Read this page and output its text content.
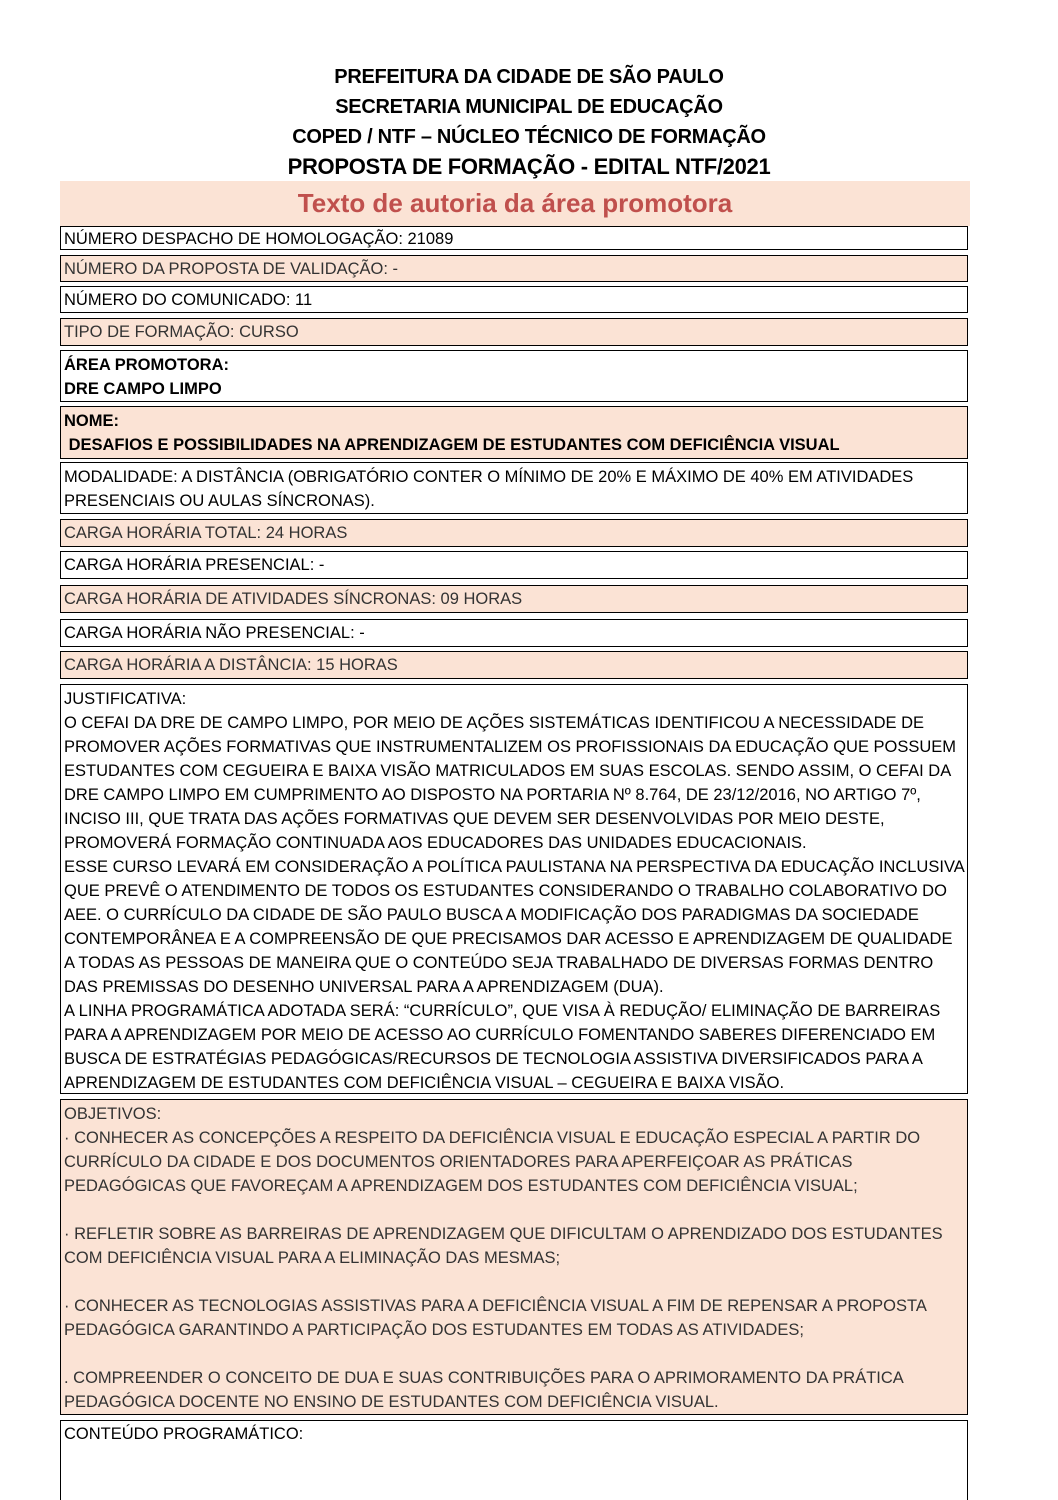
PREFEITURA DA CIDADE DE SÃO PAULO
SECRETARIA MUNICIPAL DE EDUCAÇÃO
COPED / NTF – NÚCLEO TÉCNICO DE FORMAÇÃO
PROPOSTA DE FORMAÇÃO - EDITAL NTF/2021
Texto de autoria da área promotora
NÚMERO DESPACHO DE HOMOLOGAÇÃO: 21089
NÚMERO DA PROPOSTA DE VALIDAÇÃO: -
NÚMERO DO COMUNICADO: 11
TIPO DE FORMAÇÃO: CURSO
ÁREA PROMOTORA:
DRE CAMPO LIMPO
NOME:
DESAFIOS E POSSIBILIDADES NA APRENDIZAGEM DE ESTUDANTES COM DEFICIÊNCIA VISUAL
MODALIDADE: A DISTÂNCIA (OBRIGATÓRIO CONTER O MÍNIMO DE 20% E MÁXIMO DE 40% EM ATIVIDADES PRESENCIAIS OU AULAS SÍNCRONAS).
CARGA HORÁRIA TOTAL: 24 HORAS
CARGA HORÁRIA PRESENCIAL: -
CARGA HORÁRIA DE ATIVIDADES SÍNCRONAS: 09 HORAS
CARGA HORÁRIA NÃO PRESENCIAL: -
CARGA HORÁRIA A DISTÂNCIA: 15 HORAS

JUSTIFICATIVA:

O CEFAI DA DRE DE CAMPO LIMPO, POR MEIO DE AÇÕES SISTEMÁTICAS IDENTIFICOU A NECESSIDADE DE PROMOVER AÇÕES FORMATIVAS QUE INSTRUMENTALIZEM OS PROFISSIONAIS DA EDUCAÇÃO QUE POSSUEM ESTUDANTES COM CEGUEIRA E BAIXA VISÃO MATRICULADOS EM SUAS ESCOLAS. SENDO ASSIM, O CEFAI DA DRE CAMPO LIMPO EM CUMPRIMENTO AO DISPOSTO NA PORTARIA Nº 8.764, DE 23/12/2016, NO ARTIGO 7º, INCISO III, QUE TRATA DAS AÇÕES FORMATIVAS QUE DEVEM SER DESENVOLVIDAS POR MEIO DESTE, PROMOVERÁ FORMAÇÃO CONTINUADA AOS EDUCADORES DAS UNIDADES EDUCACIONAIS.

ESSE CURSO LEVARÁ EM CONSIDERAÇÃO A POLÍTICA PAULISTANA NA PERSPECTIVA DA EDUCAÇÃO INCLUSIVA QUE PREVÊ O ATENDIMENTO DE TODOS OS ESTUDANTES CONSIDERANDO O TRABALHO COLABORATIVO DO AEE. O CURRÍCULO DA CIDADE DE SÃO PAULO BUSCA A MODIFICAÇÃO DOS PARADIGMAS DA SOCIEDADE CONTEMPORÂNEA E A COMPREENSÃO DE QUE PRECISAMOS DAR ACESSO E APRENDIZAGEM DE QUALIDADE A TODAS AS PESSOAS DE MANEIRA QUE O CONTEÚDO SEJA TRABALHADO DE DIVERSAS FORMAS DENTRO DAS PREMISSAS DO DESENHO UNIVERSAL PARA A APRENDIZAGEM (DUA).

A LINHA PROGRAMÁTICA ADOTADA SERÁ: “CURRÍCULO”, QUE VISA À REDUÇÃO/ ELIMINAÇÃO DE BARREIRAS PARA A APRENDIZAGEM POR MEIO DE ACESSO AO CURRÍCULO FOMENTANDO SABERES DIFERENCIADO EM BUSCA DE ESTRATÉGIAS PEDAGÓGICAS/RECURSOS DE TECNOLOGIA ASSISTIVA DIVERSIFICADOS PARA A APRENDIZAGEM DE ESTUDANTES COM DEFICIÊNCIA VISUAL – CEGUEIRA E BAIXA VISÃO.

OBJETIVOS:

· CONHECER AS CONCEPÇÕES A RESPEITO DA DEFICIÊNCIA VISUAL E EDUCAÇÃO ESPECIAL A PARTIR DO CURRÍCULO DA CIDADE E DOS DOCUMENTOS ORIENTADORES PARA APERFEIÇOAR AS PRÁTICAS PEDAGÓGICAS QUE FAVOREÇAM A APRENDIZAGEM DOS ESTUDANTES COM DEFICIÊNCIA VISUAL;

· REFLETIR SOBRE AS BARREIRAS DE APRENDIZAGEM QUE DIFICULTAM O APRENDIZADO DOS ESTUDANTES COM DEFICIÊNCIA VISUAL PARA A ELIMINAÇÃO DAS MESMAS;

· CONHECER AS TECNOLOGIAS ASSISTIVAS PARA A DEFICIÊNCIA VISUAL A FIM DE REPENSAR A PROPOSTA PEDAGÓGICA GARANTINDO A PARTICIPAÇÃO DOS ESTUDANTES EM TODAS AS ATIVIDADES;

. COMPREENDER O CONCEITO DE DUA E SUAS CONTRIBUIÇÕES PARA O APRIMORAMENTO DA PRÁTICA PEDAGÓGICA DOCENTE NO ENSINO DE ESTUDANTES COM DEFICIÊNCIA VISUAL.

CONTEÚDO PROGRAMÁTICO:
